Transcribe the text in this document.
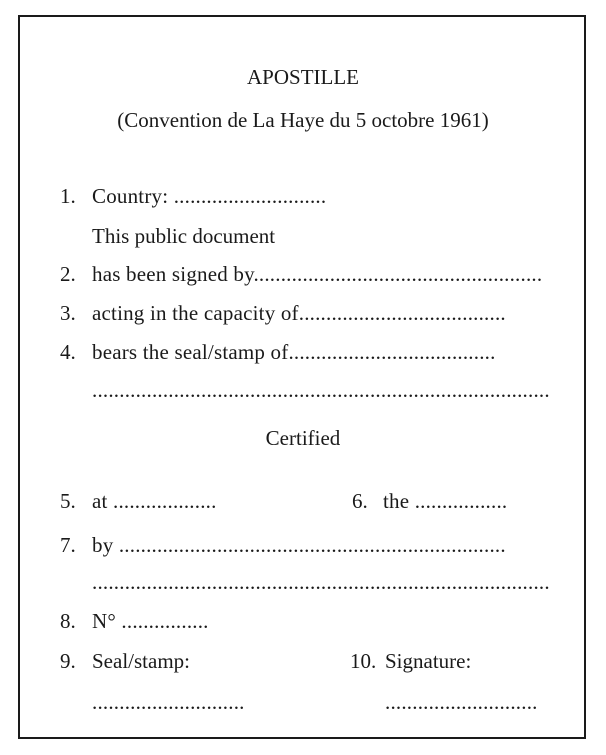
APOSTILLE
(Convention de La Haye du 5 octobre 1961)
1. Country: ............................
This public document
2. has been signed by.....................................................
3. acting in the capacity of......................................
4. bears the seal/stamp of......................................
....................................................................................
Certified
5. at ...................	6. the .................
7. by .......................................................................
....................................................................................
8. N° ................
9. Seal/stamp:	10. Signature:
............................	............................
